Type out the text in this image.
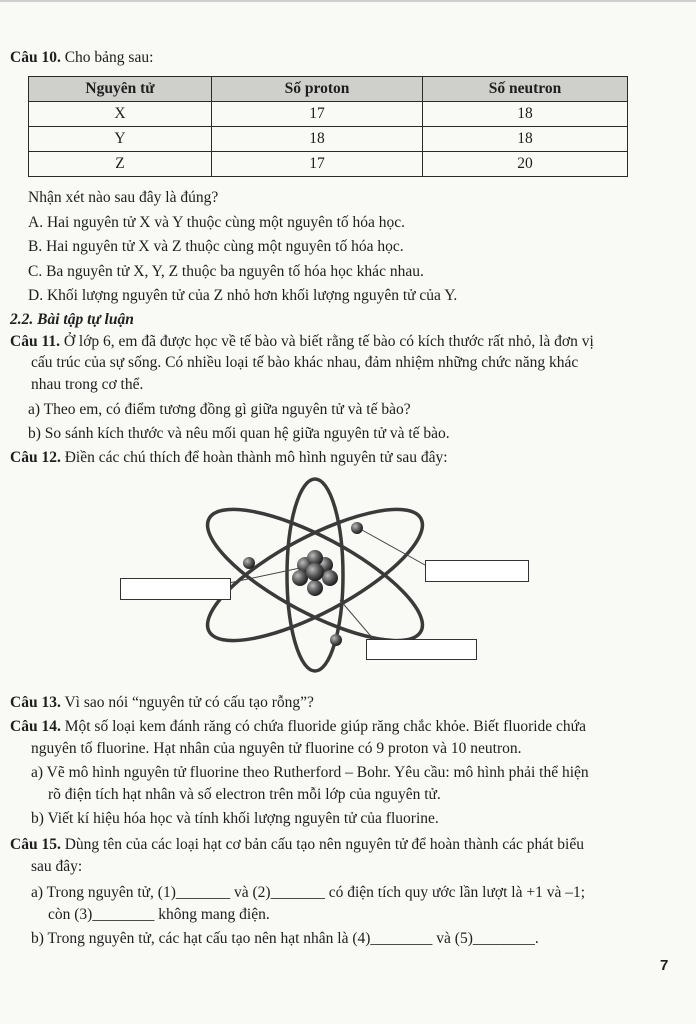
Câu 10. Cho bảng sau:
Nguyên tử	Số proton	Số neutron
X	17	18
Y	18	18
Z	17	20
Nhận xét nào sau đây là đúng?
A. Hai nguyên tử X và Y thuộc cùng một nguyên tố hóa học.
B. Hai nguyên tử X và Z thuộc cùng một nguyên tố hóa học.
C. Ba nguyên tử X, Y, Z thuộc ba nguyên tố hóa học khác nhau.
D. Khối lượng nguyên tử của Z nhỏ hơn khối lượng nguyên tử của Y.
2.2. Bài tập tự luận
Câu 11. Ở lớp 6, em đã được học về tế bào và biết rằng tế bào có kích thước rất nhỏ, là đơn vị
cấu trúc của sự sống. Có nhiều loại tế bào khác nhau, đảm nhiệm những chức năng khác
nhau trong cơ thể.
a) Theo em, có điểm tương đồng gì giữa nguyên tử và tế bào?
b) So sánh kích thước và nêu mối quan hệ giữa nguyên tử và tế bào.
Câu 12. Điền các chú thích để hoàn thành mô hình nguyên tử sau đây:
Câu 13. Vì sao nói “nguyên tử có cấu tạo rỗng”?
Câu 14. Một số loại kem đánh răng có chứa fluoride giúp răng chắc khỏe. Biết fluoride chứa
nguyên tố fluorine. Hạt nhân của nguyên tử fluorine có 9 proton và 10 neutron.
a) Vẽ mô hình nguyên tử fluorine theo Rutherford – Bohr. Yêu cầu: mô hình phải thể hiện
rõ điện tích hạt nhân và số electron trên mỗi lớp của nguyên tử.
b) Viết kí hiệu hóa học và tính khối lượng nguyên tử của fluorine.
Câu 15. Dùng tên của các loại hạt cơ bản cấu tạo nên nguyên tử để hoàn thành các phát biểu
sau đây:
a) Trong nguyên tử, (1)_______ và (2)_______ có điện tích quy ước lần lượt là +1 và –1;
còn (3)________ không mang điện.
b) Trong nguyên tử, các hạt cấu tạo nên hạt nhân là (4)________ và (5)________.
7
